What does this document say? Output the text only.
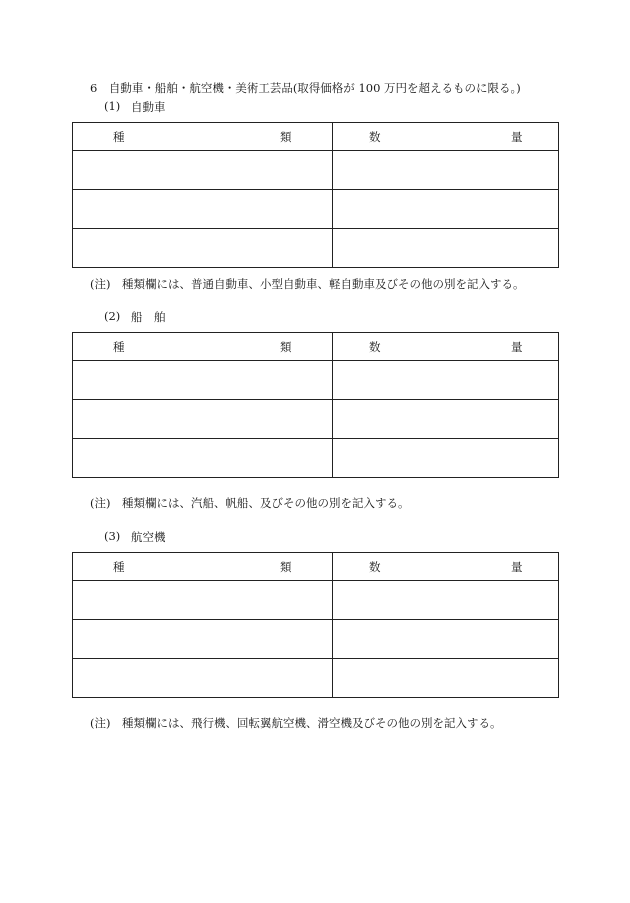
6　自動車・船舶・航空機・美術工芸品(取得価格が 100 万円を超えるものに限る。)
(1) 自動車
種 類	数 量

(注)　種類欄には、普通自動車、小型自動車、軽自動車及びその他の別を記入する。
(2) 船　舶
種 類	数 量

(注)　種類欄には、汽船、帆船、及びその他の別を記入する。
(3) 航空機
種 類	数 量

(注)　種類欄には、飛行機、回転翼航空機、滑空機及びその他の別を記入する。
